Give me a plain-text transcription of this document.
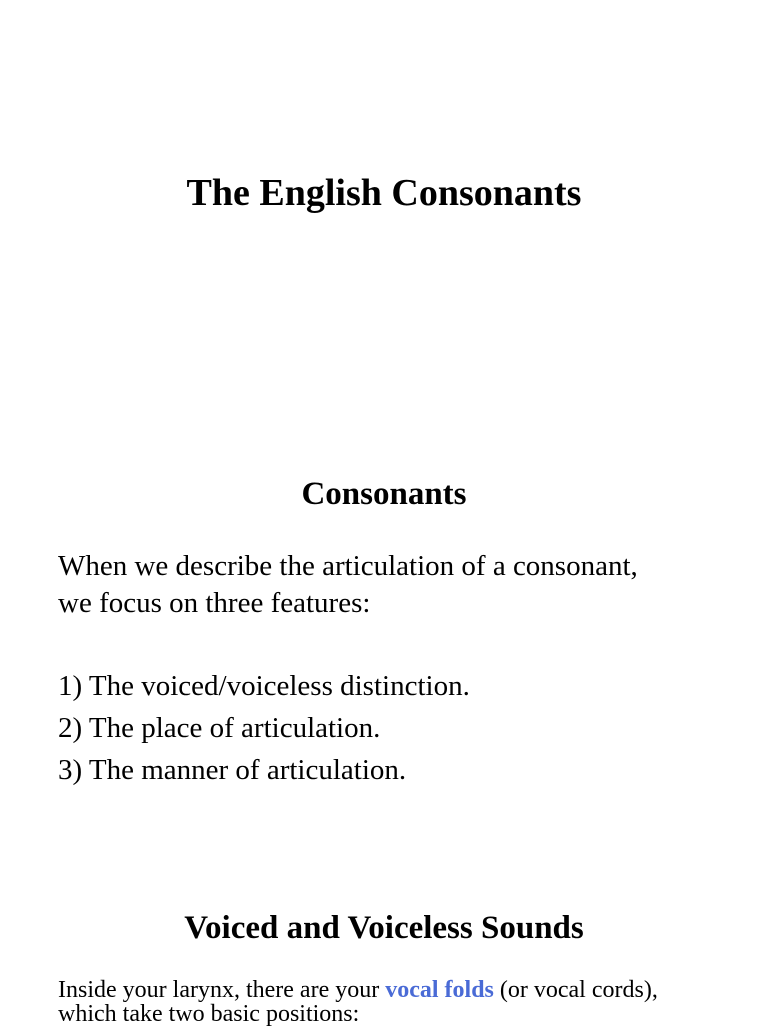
The English Consonants
Consonants

When we describe the articulation of a consonant,
we focus on three features:

1) The voiced/voiceless distinction.
2) The place of articulation.
3) The manner of articulation.
Voiced and Voiceless Sounds

Inside your larynx, there are your vocal folds (or vocal cords),
which take two basic positions:
